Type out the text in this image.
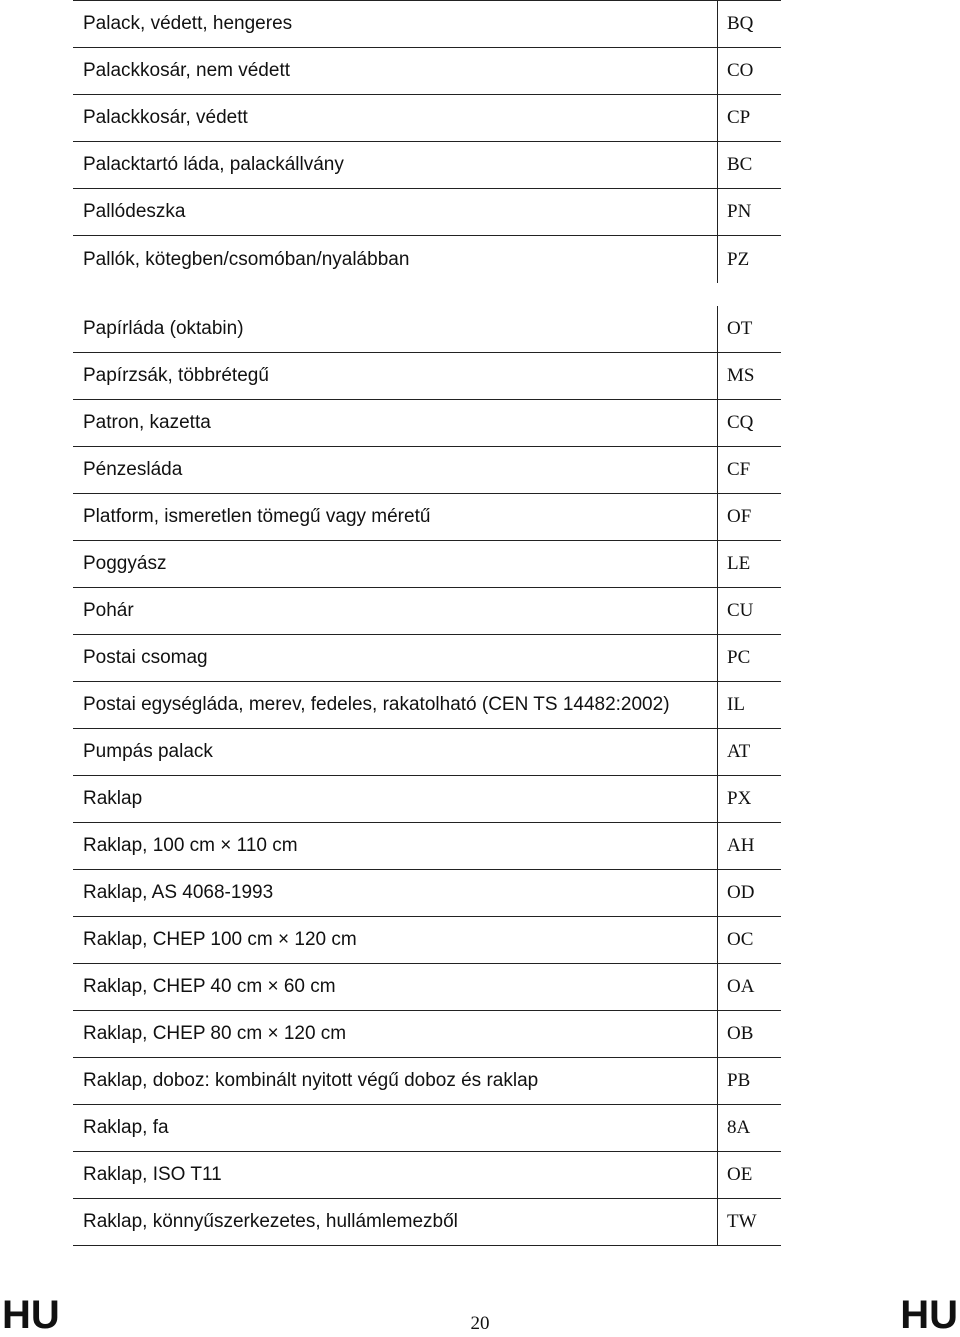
Palack, védett, hengeres	BQ
Palackkosár, nem védett	CO
Palackkosár, védett	CP
Palacktartó láda, palackállvány	BC
Pallódeszka	PN
Pallók, kötegben/csomóban/nyalábban	PZ
Papírláda (oktabin)	OT
Papírzsák, többrétegű	MS
Patron, kazetta	CQ
Pénzesláda	CF
Platform, ismeretlen tömegű vagy méretű	OF
Poggyász	LE
Pohár	CU
Postai csomag	PC
Postai egységláda, merev, fedeles, rakatolható (CEN TS 14482:2002)	IL
Pumpás palack	AT
Raklap	PX
Raklap, 100 cm × 110 cm	AH
Raklap, AS 4068-1993	OD
Raklap, CHEP 100 cm × 120 cm	OC
Raklap, CHEP 40 cm × 60 cm	OA
Raklap, CHEP 80 cm × 120 cm	OB
Raklap, doboz: kombinált nyitott végű doboz és raklap	PB
Raklap, fa	8A
Raklap, ISO T11	OE
Raklap, könnyűszerkezetes, hullámlemezből	TW
HU	20	HU
